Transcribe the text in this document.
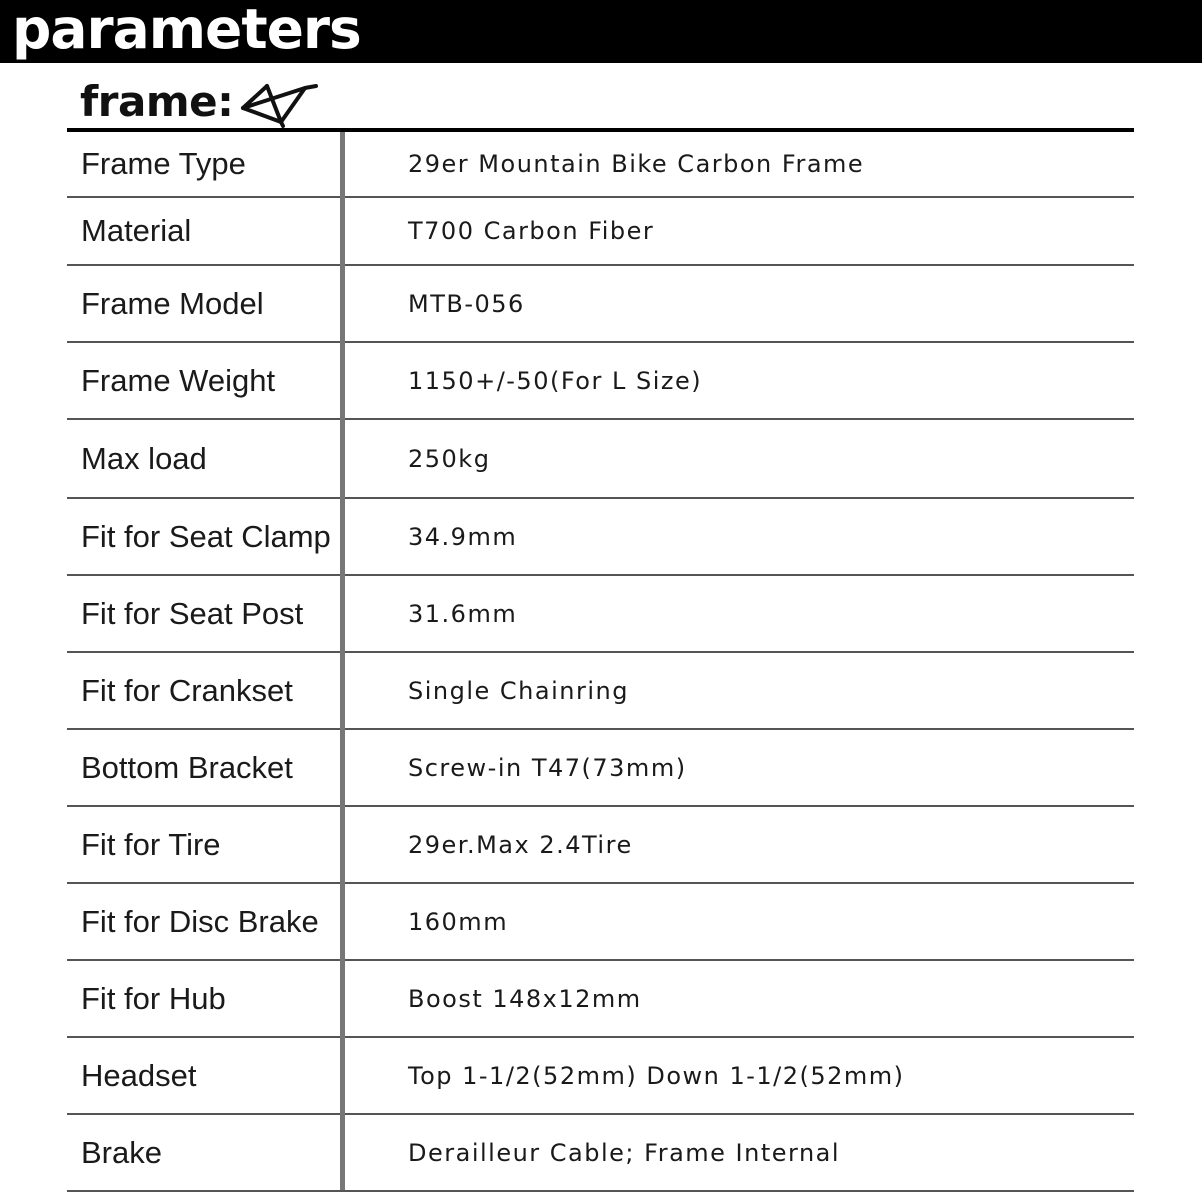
parameters
frame:
Frame Type	29er Mountain Bike Carbon Frame
Material	T700 Carbon Fiber
Frame Model	MTB-056
Frame Weight	1150+/-50(For L Size)
Max load	250kg
Fit for Seat Clamp	34.9mm
Fit for Seat Post	31.6mm
Fit for Crankset	Single Chainring
Bottom Bracket	Screw-in T47(73mm)
Fit for Tire	29er.Max 2.4Tire
Fit for Disc Brake	160mm
Fit for Hub	Boost 148x12mm
Headset	Top 1-1/2(52mm) Down 1-1/2(52mm)
Brake	Derailleur Cable; Frame Internal
